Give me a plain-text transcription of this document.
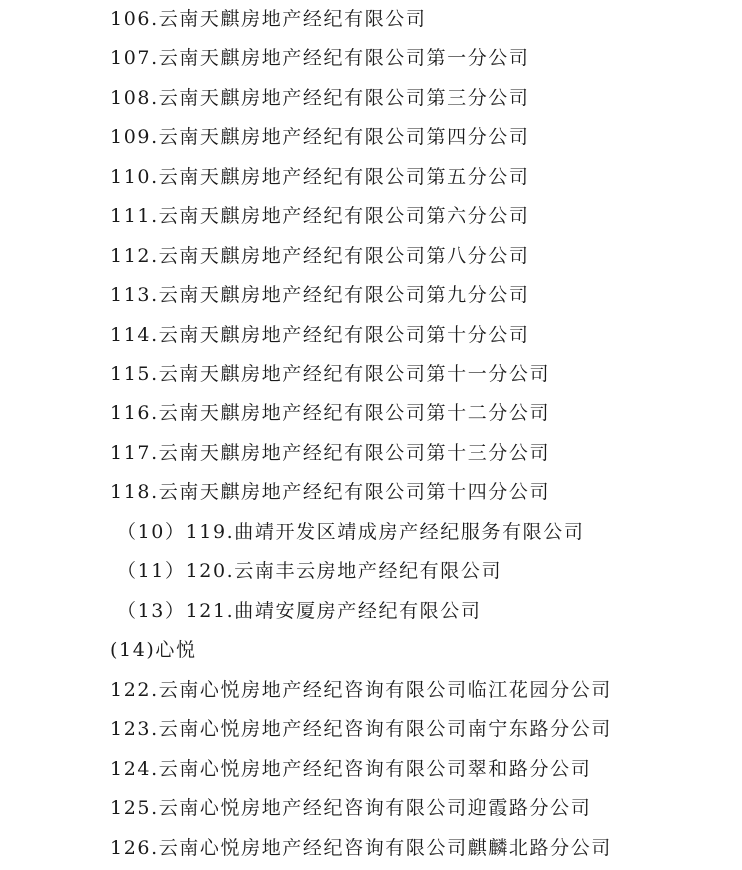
106.云南天麒房地产经纪有限公司
107.云南天麒房地产经纪有限公司第一分公司
108.云南天麒房地产经纪有限公司第三分公司
109.云南天麒房地产经纪有限公司第四分公司
110.云南天麒房地产经纪有限公司第五分公司
111.云南天麒房地产经纪有限公司第六分公司
112.云南天麒房地产经纪有限公司第八分公司
113.云南天麒房地产经纪有限公司第九分公司
114.云南天麒房地产经纪有限公司第十分公司
115.云南天麒房地产经纪有限公司第十一分公司
116.云南天麒房地产经纪有限公司第十二分公司
117.云南天麒房地产经纪有限公司第十三分公司
118.云南天麒房地产经纪有限公司第十四分公司
（10）119.曲靖开发区靖成房产经纪服务有限公司
（11）120.云南丰云房地产经纪有限公司
（13）121.曲靖安厦房产经纪有限公司
(14)心悦
122.云南心悦房地产经纪咨询有限公司临江花园分公司
123.云南心悦房地产经纪咨询有限公司南宁东路分公司
124.云南心悦房地产经纪咨询有限公司翠和路分公司
125.云南心悦房地产经纪咨询有限公司迎霞路分公司
126.云南心悦房地产经纪咨询有限公司麒麟北路分公司
